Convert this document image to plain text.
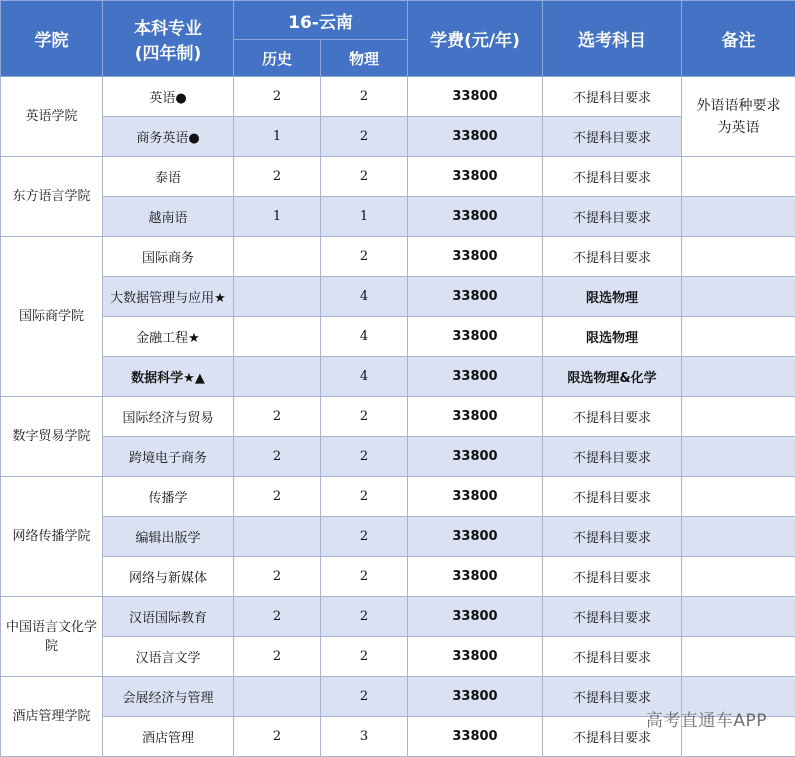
学院	本科专业
(四年制)	16-云南		学费(元/年)	选考科目	备注
		历史	物理			
英语学院	英语●	2	2	33800	不提科目要求	外语语种要求为英语

	商务英语●	1	2	33800	不提科目要求	
东方语言学院	泰语	2	2	33800	不提科目要求	
	越南语	1	1	33800	不提科目要求	
国际商学院	国际商务		2	33800	不提科目要求	
	大数据管理与应用★		4	33800	限选物理	
	金融工程★		4	33800	限选物理	
	数据科学★▲		4	33800	限选物理&化学	
数字贸易学院	国际经济与贸易	2	2	33800	不提科目要求	
	跨境电子商务	2	2	33800	不提科目要求	
网络传播学院	传播学	2	2	33800	不提科目要求	
	编辑出版学		2	33800	不提科目要求	
	网络与新媒体	2	2	33800	不提科目要求	

中国语言文化学院	汉语国际教育	2	2	33800	不提科目要求	
	汉语言文学	2	2	33800	不提科目要求	
酒店管理学院	会展经济与管理		2	33800	不提科目要求	
	酒店管理	2	3	33800	不提科目要求	
高考直通车APP
